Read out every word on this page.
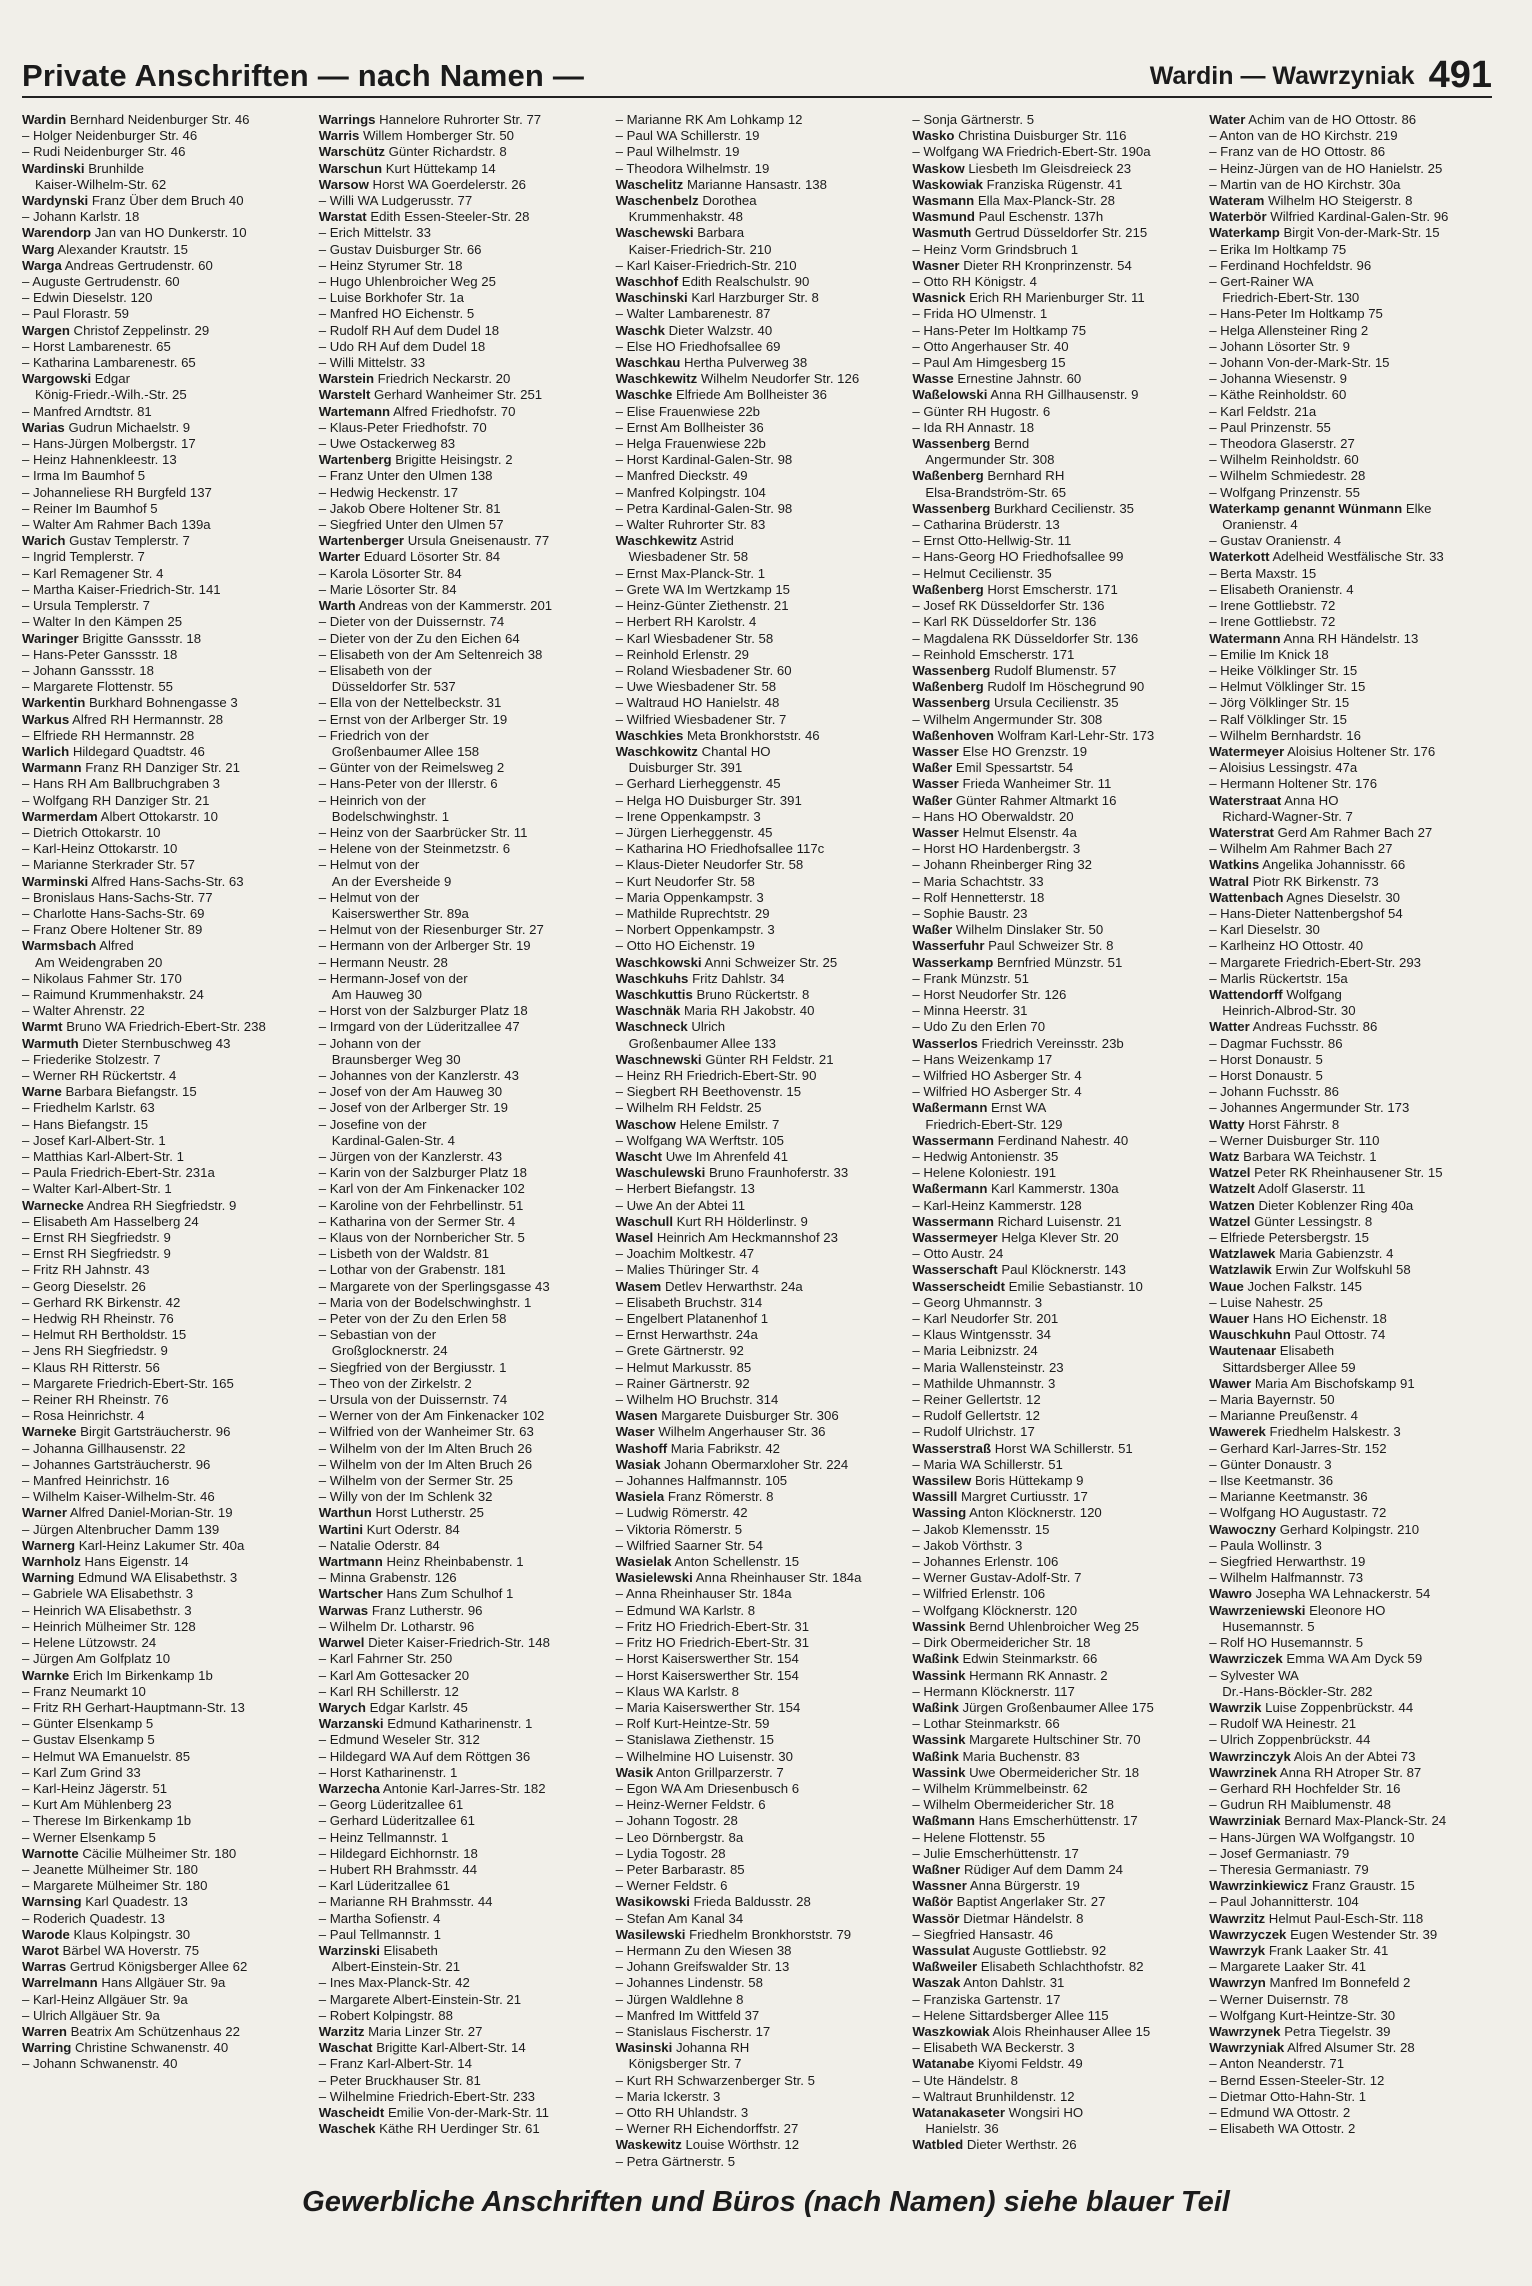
Private Anschriften — nach Namen —	Wardin — Wawrzyniak 491
Wardin Bernhard Neidenburger Str. 46
– Holger Neidenburger Str. 46
– Rudi Neidenburger Str. 46
Wardinski Brunhilde
Kaiser-Wilhelm-Str. 62
Wardynski Franz Über dem Bruch 40
– Johann Karlstr. 18
Warendorp Jan van HO Dunkerstr. 10
Warg Alexander Krautstr. 15
Warga Andreas Gertrudenstr. 60
– Auguste Gertrudenstr. 60
– Edwin Dieselstr. 120
– Paul Florastr. 59
Wargen Christof Zeppelinstr. 29
– Horst Lambarenestr. 65
– Katharina Lambarenestr. 65
Wargowski Edgar
König-Friedr.-Wilh.-Str. 25
– Manfred Arndtstr. 81
Warias Gudrun Michaelstr. 9
– Hans-Jürgen Molbergstr. 17
– Heinz Hahnenkleestr. 13
– Irma Im Baumhof 5
– Johanneliese RH Burgfeld 137
– Reiner Im Baumhof 5
– Walter Am Rahmer Bach 139a
Warich Gustav Templerstr. 7
– Ingrid Templerstr. 7
– Karl Remagener Str. 4
– Martha Kaiser-Friedrich-Str. 141
– Ursula Templerstr. 7
– Walter In den Kämpen 25
Waringer Brigitte Ganssstr. 18
– Hans-Peter Ganssstr. 18
– Johann Ganssstr. 18
– Margarete Flottenstr. 55
Warkentin Burkhard Bohnengasse 3
Warkus Alfred RH Hermannstr. 28
– Elfriede RH Hermannstr. 28
Warlich Hildegard Quadtstr. 46
Warmann Franz RH Danziger Str. 21
– Hans RH Am Ballbruchgraben 3
– Wolfgang RH Danziger Str. 21
Warmerdam Albert Ottokarstr. 10
– Dietrich Ottokarstr. 10
– Karl-Heinz Ottokarstr. 10
– Marianne Sterkrader Str. 57
Warminski Alfred Hans-Sachs-Str. 63
– Bronislaus Hans-Sachs-Str. 77
– Charlotte Hans-Sachs-Str. 69
– Franz Obere Holtener Str. 89
Warmsbach Alfred
Am Weidengraben 20
– Nikolaus Fahmer Str. 170
– Raimund Krummenhakstr. 24
– Walter Ahrenstr. 22
Warmt Bruno WA Friedrich-Ebert-Str. 238
Warmuth Dieter Sternbuschweg 43
– Friederike Stolzestr. 7
– Werner RH Rückertstr. 4
Warne Barbara Biefangstr. 15
– Friedhelm Karlstr. 63
– Hans Biefangstr. 15
– Josef Karl-Albert-Str. 1
– Matthias Karl-Albert-Str. 1
– Paula Friedrich-Ebert-Str. 231a
– Walter Karl-Albert-Str. 1
Warnecke Andrea RH Siegfriedstr. 9
– Elisabeth Am Hasselberg 24
– Ernst RH Siegfriedstr. 9
– Ernst RH Siegfriedstr. 9
– Fritz RH Jahnstr. 43
– Georg Dieselstr. 26
– Gerhard RK Birkenstr. 42
– Hedwig RH Rheinstr. 76
– Helmut RH Bertholdstr. 15
– Jens RH Siegfriedstr. 9
– Klaus RH Ritterstr. 56
– Margarete Friedrich-Ebert-Str. 165
– Reiner RH Rheinstr. 76
– Rosa Heinrichstr. 4
Warneke Birgit Gartsträucherstr. 96
– Johanna Gillhausenstr. 22
– Johannes Gartsträucherstr. 96
– Manfred Heinrichstr. 16
– Wilhelm Kaiser-Wilhelm-Str. 46
Warner Alfred Daniel-Morian-Str. 19
– Jürgen Altenbrucher Damm 139
Warnerg Karl-Heinz Lakumer Str. 40a
Warnholz Hans Eigenstr. 14
Warning Edmund WA Elisabethstr. 3
– Gabriele WA Elisabethstr. 3
– Heinrich WA Elisabethstr. 3
– Heinrich Mülheimer Str. 128
– Helene Lützowstr. 24
– Jürgen Am Golfplatz 10
Warnke Erich Im Birkenkamp 1b
– Franz Neumarkt 10
– Fritz RH Gerhart-Hauptmann-Str. 13
– Günter Elsenkamp 5
– Gustav Elsenkamp 5
– Helmut WA Emanuelstr. 85
– Karl Zum Grind 33
– Karl-Heinz Jägerstr. 51
– Kurt Am Mühlenberg 23
– Therese Im Birkenkamp 1b
– Werner Elsenkamp 5
Warnotte Cäcilie Mülheimer Str. 180
– Jeanette Mülheimer Str. 180
– Margarete Mülheimer Str. 180
Warnsing Karl Quadestr. 13
– Roderich Quadestr. 13
Warode Klaus Kolpingstr. 30
Warot Bärbel WA Hoverstr. 75
Warras Gertrud Königsberger Allee 62
Warrelmann Hans Allgäuer Str. 9a
– Karl-Heinz Allgäuer Str. 9a
– Ulrich Allgäuer Str. 9a
Warren Beatrix Am Schützenhaus 22
Warring Christine Schwanenstr. 40
– Johann Schwanenstr. 40
Warrings Hannelore Ruhrorter Str. 77
Warris Willem Homberger Str. 50
Warschütz Günter Richardstr. 8
Warschun Kurt Hüttekamp 14
Warsow Horst WA Goerdelerstr. 26
– Willi WA Ludgerusstr. 77
Warstat Edith Essen-Steeler-Str. 28
– Erich Mittelstr. 33
– Gustav Duisburger Str. 66
– Heinz Styrumer Str. 18
– Hugo Uhlenbroicher Weg 25
– Luise Borkhofer Str. 1a
– Manfred HO Eichenstr. 5
– Rudolf RH Auf dem Dudel 18
– Udo RH Auf dem Dudel 18
– Willi Mittelstr. 33
Warstein Friedrich Neckarstr. 20
Warstelt Gerhard Wanheimer Str. 251
Wartemann Alfred Friedhofstr. 70
– Klaus-Peter Friedhofstr. 70
– Uwe Ostackerweg 83
Wartenberg Brigitte Heisingstr. 2
– Franz Unter den Ulmen 138
– Hedwig Heckenstr. 17
– Jakob Obere Holtener Str. 81
– Siegfried Unter den Ulmen 57
Wartenberger Ursula Gneisenaustr. 77
Warter Eduard Lösorter Str. 84
– Karola Lösorter Str. 84
– Marie Lösorter Str. 84
Warth Andreas von der Kammerstr. 201
– Dieter von der Duissernstr. 74
– Dieter von der Zu den Eichen 64
– Elisabeth von der Am Seltenreich 38
– Elisabeth von der
Düsseldorfer Str. 537
– Ella von der Nettelbeckstr. 31
– Ernst von der Arlberger Str. 19
– Friedrich von der
Großenbaumer Allee 158
– Günter von der Reimelsweg 2
– Hans-Peter von der Illerstr. 6
– Heinrich von der
Bodelschwinghstr. 1
– Heinz von der Saarbrücker Str. 11
– Helene von der Steinmetzstr. 6
– Helmut von der
An der Eversheide 9
– Helmut von der
Kaiserswerther Str. 89a
– Helmut von der Riesenburger Str. 27
– Hermann von der Arlberger Str. 19
– Hermann Neustr. 28
– Hermann-Josef von der
Am Hauweg 30
– Horst von der Salzburger Platz 18
– Irmgard von der Lüderitzallee 47
– Johann von der
Braunsberger Weg 30
– Johannes von der Kanzlerstr. 43
– Josef von der Am Hauweg 30
– Josef von der Arlberger Str. 19
– Josefine von der
Kardinal-Galen-Str. 4
– Jürgen von der Kanzlerstr. 43
– Karin von der Salzburger Platz 18
– Karl von der Am Finkenacker 102
– Karoline von der Fehrbellinstr. 51
– Katharina von der Sermer Str. 4
– Klaus von der Nornbericher Str. 5
– Lisbeth von der Waldstr. 81
– Lothar von der Grabenstr. 181
– Margarete von der Sperlingsgasse 43
– Maria von der Bodelschwinghstr. 1
– Peter von der Zu den Erlen 58
– Sebastian von der
Großglocknerstr. 24
– Siegfried von der Bergiusstr. 1
– Theo von der Zirkelstr. 2
– Ursula von der Duissernstr. 74
– Werner von der Am Finkenacker 102
– Wilfried von der Wanheimer Str. 63
– Wilhelm von der Im Alten Bruch 26
– Wilhelm von der Im Alten Bruch 26
– Wilhelm von der Sermer Str. 25
– Willy von der Im Schlenk 32
Warthun Horst Lutherstr. 25
Wartini Kurt Oderstr. 84
– Natalie Oderstr. 84
Wartmann Heinz Rheinbabenstr. 1
– Minna Grabenstr. 126
Wartscher Hans Zum Schulhof 1
Warwas Franz Lutherstr. 96
– Wilhelm Dr. Lotharstr. 96
Warwel Dieter Kaiser-Friedrich-Str. 148
– Karl Fahrner Str. 250
– Karl Am Gottesacker 20
– Karl RH Schillerstr. 12
Warych Edgar Karlstr. 45
Warzanski Edmund Katharinenstr. 1
– Edmund Weseler Str. 312
– Hildegard WA Auf dem Röttgen 36
– Horst Katharinenstr. 1
Warzecha Antonie Karl-Jarres-Str. 182
– Georg Lüderitzallee 61
– Gerhard Lüderitzallee 61
– Heinz Tellmannstr. 1
– Hildegard Eichhornstr. 18
– Hubert RH Brahmsstr. 44
– Karl Lüderitzallee 61
– Marianne RH Brahmsstr. 44
– Martha Sofienstr. 4
– Paul Tellmannstr. 1
Warzinski Elisabeth
Albert-Einstein-Str. 21
– Ines Max-Planck-Str. 42
– Margarete Albert-Einstein-Str. 21
– Robert Kolpingstr. 88
Warzitz Maria Linzer Str. 27
Waschat Brigitte Karl-Albert-Str. 14
– Franz Karl-Albert-Str. 14
– Peter Bruckhauser Str. 81
– Wilhelmine Friedrich-Ebert-Str. 233
Wascheidt Emilie Von-der-Mark-Str. 11
Waschek Käthe RH Uerdinger Str. 61
– Marianne RK Am Lohkamp 12
– Paul WA Schillerstr. 19
– Paul Wilhelmstr. 19
– Theodora Wilhelmstr. 19
Waschelitz Marianne Hansastr. 138
Waschenbelz Dorothea
Krummenhakstr. 48
Waschewski Barbara
Kaiser-Friedrich-Str. 210
– Karl Kaiser-Friedrich-Str. 210
Waschhof Edith Realschulstr. 90
Waschinski Karl Harzburger Str. 8
– Walter Lambarenestr. 87
Waschk Dieter Walzstr. 40
– Else HO Friedhofsallee 69
Waschkau Hertha Pulverweg 38
Waschkewitz Wilhelm Neudorfer Str. 126
Waschke Elfriede Am Bollheister 36
– Elise Frauenwiese 22b
– Ernst Am Bollheister 36
– Helga Frauenwiese 22b
– Horst Kardinal-Galen-Str. 98
– Manfred Dieckstr. 49
– Manfred Kolpingstr. 104
– Petra Kardinal-Galen-Str. 98
– Walter Ruhrorter Str. 83
Waschkewitz Astrid
Wiesbadener Str. 58
– Ernst Max-Planck-Str. 1
– Grete WA Im Wertzkamp 15
– Heinz-Günter Ziethenstr. 21
– Herbert RH Karolstr. 4
– Karl Wiesbadener Str. 58
– Reinhold Erlenstr. 29
– Roland Wiesbadener Str. 60
– Uwe Wiesbadener Str. 58
– Waltraud HO Hanielstr. 48
– Wilfried Wiesbadener Str. 7
Waschkies Meta Bronkhorststr. 46
Waschkowitz Chantal HO
Duisburger Str. 391
– Gerhard Lierheggenstr. 45
– Helga HO Duisburger Str. 391
– Irene Oppenkampstr. 3
– Jürgen Lierheggenstr. 45
– Katharina HO Friedhofsallee 117c
– Klaus-Dieter Neudorfer Str. 58
– Kurt Neudorfer Str. 58
– Maria Oppenkampstr. 3
– Mathilde Ruprechtstr. 29
– Norbert Oppenkampstr. 3
– Otto HO Eichenstr. 19
Waschkowski Anni Schweizer Str. 25
Waschkuhs Fritz Dahlstr. 34
Waschkuttis Bruno Rückertstr. 8
Waschnäk Maria RH Jakobstr. 40
Waschneck Ulrich
Großenbaumer Allee 133
Waschnewski Günter RH Feldstr. 21
– Heinz RH Friedrich-Ebert-Str. 90
– Siegbert RH Beethovenstr. 15
– Wilhelm RH Feldstr. 25
Waschow Helene Emilstr. 7
– Wolfgang WA Werftstr. 105
Wascht Uwe Im Ahrenfeld 41
Waschulewski Bruno Fraunhoferstr. 33
– Herbert Biefangstr. 13
– Uwe An der Abtei 11
Waschull Kurt RH Hölderlinstr. 9
Wasel Heinrich Am Heckmannshof 23
– Joachim Moltkestr. 47
– Malies Thüringer Str. 4
Wasem Detlev Herwarthstr. 24a
– Elisabeth Bruchstr. 314
– Engelbert Platanenhof 1
– Ernst Herwarthstr. 24a
– Grete Gärtnerstr. 92
– Helmut Markusstr. 85
– Rainer Gärtnerstr. 92
– Wilhelm HO Bruchstr. 314
Wasen Margarete Duisburger Str. 306
Waser Wilhelm Angerhauser Str. 36
Washoff Maria Fabrikstr. 42
Wasiak Johann Obermarxloher Str. 224
– Johannes Halfmannstr. 105
Wasiela Franz Römerstr. 8
– Ludwig Römerstr. 42
– Viktoria Römerstr. 5
– Wilfried Saarner Str. 54
Wasielak Anton Schellenstr. 15
Wasielewski Anna Rheinhauser Str. 184a
– Anna Rheinhauser Str. 184a
– Edmund WA Karlstr. 8
– Fritz HO Friedrich-Ebert-Str. 31
– Fritz HO Friedrich-Ebert-Str. 31
– Horst Kaiserswerther Str. 154
– Horst Kaiserswerther Str. 154
– Klaus WA Karlstr. 8
– Maria Kaiserswerther Str. 154
– Rolf Kurt-Heintze-Str. 59
– Stanislawa Ziethenstr. 15
– Wilhelmine HO Luisenstr. 30
Wasik Anton Grillparzerstr. 7
– Egon WA Am Driesenbusch 6
– Heinz-Werner Feldstr. 6
– Johann Togostr. 28
– Leo Dörnbergstr. 8a
– Lydia Togostr. 28
– Peter Barbarastr. 85
– Werner Feldstr. 6
Wasikowski Frieda Baldusstr. 28
– Stefan Am Kanal 34
Wasilewski Friedhelm Bronkhorststr. 79
– Hermann Zu den Wiesen 38
– Johann Greifswalder Str. 13
– Johannes Lindenstr. 58
– Jürgen Waldlehne 8
– Manfred Im Wittfeld 37
– Stanislaus Fischerstr. 17
Wasinski Johanna RH
Königsberger Str. 7
– Kurt RH Schwarzenberger Str. 5
– Maria Ickerstr. 3
– Otto RH Uhlandstr. 3
– Werner RH Eichendorffstr. 27
Waskewitz Louise Wörthstr. 12
– Petra Gärtnerstr. 5
– Sonja Gärtnerstr. 5
Wasko Christina Duisburger Str. 116
– Wolfgang WA Friedrich-Ebert-Str. 190a
Waskow Liesbeth Im Gleisdreieck 23
Waskowiak Franziska Rügenstr. 41
Wasmann Ella Max-Planck-Str. 28
Wasmund Paul Eschenstr. 137h
Wasmuth Gertrud Düsseldorfer Str. 215
– Heinz Vorm Grindsbruch 1
Wasner Dieter RH Kronprinzenstr. 54
– Otto RH Königstr. 4
Wasnick Erich RH Marienburger Str. 11
– Frida HO Ulmenstr. 1
– Hans-Peter Im Holtkamp 75
– Otto Angerhauser Str. 40
– Paul Am Himgesberg 15
Wasse Ernestine Jahnstr. 60
Waßelowski Anna RH Gillhausenstr. 9
– Günter RH Hugostr. 6
– Ida RH Annastr. 18
Wassenberg Bernd
Angermunder Str. 308
Waßenberg Bernhard RH
Elsa-Brandström-Str. 65
Wassenberg Burkhard Cecilienstr. 35
– Catharina Brüderstr. 13
– Ernst Otto-Hellwig-Str. 11
– Hans-Georg HO Friedhofsallee 99
– Helmut Cecilienstr. 35
Waßenberg Horst Emscherstr. 171
– Josef RK Düsseldorfer Str. 136
– Karl RK Düsseldorfer Str. 136
– Magdalena RK Düsseldorfer Str. 136
– Reinhold Emscherstr. 171
Wassenberg Rudolf Blumenstr. 57
Waßenberg Rudolf Im Höschegrund 90
Wassenberg Ursula Cecilienstr. 35
– Wilhelm Angermunder Str. 308
Waßenhoven Wolfram Karl-Lehr-Str. 173
Wasser Else HO Grenzstr. 19
Waßer Emil Spessartstr. 54
Wasser Frieda Wanheimer Str. 11
Waßer Günter Rahmer Altmarkt 16
– Hans HO Oberwaldstr. 20
Wasser Helmut Elsenstr. 4a
– Horst HO Hardenbergstr. 3
– Johann Rheinberger Ring 32
– Maria Schachtstr. 33
– Rolf Hennetterstr. 18
– Sophie Baustr. 23
Waßer Wilhelm Dinslaker Str. 50
Wasserfuhr Paul Schweizer Str. 8
Wasserkamp Bernfried Münzstr. 51
– Frank Münzstr. 51
– Horst Neudorfer Str. 126
– Minna Heerstr. 31
– Udo Zu den Erlen 70
Wasserlos Friedrich Vereinsstr. 23b
– Hans Weizenkamp 17
– Wilfried HO Asberger Str. 4
– Wilfried HO Asberger Str. 4
Waßermann Ernst WA
Friedrich-Ebert-Str. 129
Wassermann Ferdinand Nahestr. 40
– Hedwig Antonienstr. 35
– Helene Koloniestr. 191
Waßermann Karl Kammerstr. 130a
– Karl-Heinz Kammerstr. 128
Wassermann Richard Luisenstr. 21
Wassermeyer Helga Klever Str. 20
– Otto Austr. 24
Wasserschaft Paul Klöcknerstr. 143
Wasserscheidt Emilie Sebastianstr. 10
– Georg Uhmannstr. 3
– Karl Neudorfer Str. 201
– Klaus Wintgensstr. 34
– Maria Leibnizstr. 24
– Maria Wallensteinstr. 23
– Mathilde Uhmannstr. 3
– Reiner Gellertstr. 12
– Rudolf Gellertstr. 12
– Rudolf Ulrichstr. 17
Wasserstraß Horst WA Schillerstr. 51
– Maria WA Schillerstr. 51
Wassilew Boris Hüttekamp 9
Wassill Margret Curtiusstr. 17
Wassing Anton Klöcknerstr. 120
– Jakob Klemensstr. 15
– Jakob Vörthstr. 3
– Johannes Erlenstr. 106
– Werner Gustav-Adolf-Str. 7
– Wilfried Erlenstr. 106
– Wolfgang Klöcknerstr. 120
Wassink Bernd Uhlenbroicher Weg 25
– Dirk Obermeidericher Str. 18
Waßink Edwin Steinmarkstr. 66
Wassink Hermann RK Annastr. 2
– Hermann Klöcknerstr. 117
Waßink Jürgen Großenbaumer Allee 175
– Lothar Steinmarkstr. 66
Wassink Margarete Hultschiner Str. 70
Waßink Maria Buchenstr. 83
Wassink Uwe Obermeidericher Str. 18
– Wilhelm Krümmelbeinstr. 62
– Wilhelm Obermeidericher Str. 18
Waßmann Hans Emscherhüttenstr. 17
– Helene Flottenstr. 55
– Julie Emscherhüttenstr. 17
Waßner Rüdiger Auf dem Damm 24
Wassner Anna Bürgerstr. 19
Waßör Baptist Angerlaker Str. 27
Wassör Dietmar Händelstr. 8
– Siegfried Hansastr. 46
Wassulat Auguste Gottliebstr. 92
Waßweiler Elisabeth Schlachthofstr. 82
Waszak Anton Dahlstr. 31
– Franziska Gartenstr. 17
– Helene Sittardsberger Allee 115
Waszkowiak Alois Rheinhauser Allee 15
– Elisabeth WA Beckerstr. 3
Watanabe Kiyomi Feldstr. 49
– Ute Händelstr. 8
– Waltraut Brunhildenstr. 12
Watanakaseter Wongsiri HO
Hanielstr. 36
Watbled Dieter Werthstr. 26
Water Achim van de HO Ottostr. 86
– Anton van de HO Kirchstr. 219
– Franz van de HO Ottostr. 86
– Heinz-Jürgen van de HO Hanielstr. 25
– Martin van de HO Kirchstr. 30a
Wateram Wilhelm HO Steigerstr. 8
Waterbör Wilfried Kardinal-Galen-Str. 96
Waterkamp Birgit Von-der-Mark-Str. 15
– Erika Im Holtkamp 75
– Ferdinand Hochfeldstr. 96
– Gert-Rainer WA
Friedrich-Ebert-Str. 130
– Hans-Peter Im Holtkamp 75
– Helga Allensteiner Ring 2
– Johann Lösorter Str. 9
– Johann Von-der-Mark-Str. 15
– Johanna Wiesenstr. 9
– Käthe Reinholdstr. 60
– Karl Feldstr. 21a
– Paul Prinzenstr. 55
– Theodora Glaserstr. 27
– Wilhelm Reinholdstr. 60
– Wilhelm Schmiedestr. 28
– Wolfgang Prinzenstr. 55
Waterkamp genannt Wünmann Elke
Oranienstr. 4
– Gustav Oranienstr. 4
Waterkott Adelheid Westfälische Str. 33
– Berta Maxstr. 15
– Elisabeth Oranienstr. 4
– Irene Gottliebstr. 72
– Irene Gottliebstr. 72
Watermann Anna RH Händelstr. 13
– Emilie Im Knick 18
– Heike Völklinger Str. 15
– Helmut Völklinger Str. 15
– Jörg Völklinger Str. 15
– Ralf Völklinger Str. 15
– Wilhelm Bernhardstr. 16
Watermeyer Aloisius Holtener Str. 176
– Aloisius Lessingstr. 47a
– Hermann Holtener Str. 176
Waterstraat Anna HO
Richard-Wagner-Str. 7
Waterstrat Gerd Am Rahmer Bach 27
– Wilhelm Am Rahmer Bach 27
Watkins Angelika Johannisstr. 66
Watral Piotr RK Birkenstr. 73
Wattenbach Agnes Dieselstr. 30
– Hans-Dieter Nattenbergshof 54
– Karl Dieselstr. 30
– Karlheinz HO Ottostr. 40
– Margarete Friedrich-Ebert-Str. 293
– Marlis Rückertstr. 15a
Wattendorff Wolfgang
Heinrich-Albrod-Str. 30
Watter Andreas Fuchsstr. 86
– Dagmar Fuchsstr. 86
– Horst Donaustr. 5
– Horst Donaustr. 5
– Johann Fuchsstr. 86
– Johannes Angermunder Str. 173
Watty Horst Fährstr. 8
– Werner Duisburger Str. 110
Watz Barbara WA Teichstr. 1
Watzel Peter RK Rheinhausener Str. 15
Watzelt Adolf Glaserstr. 11
Watzen Dieter Koblenzer Ring 40a
Watzel Günter Lessingstr. 8
– Elfriede Petersbergstr. 15
Watzlawek Maria Gabienzstr. 4
Watzlawik Erwin Zur Wolfskuhl 58
Waue Jochen Falkstr. 145
– Luise Nahestr. 25
Wauer Hans HO Eichenstr. 18
Wauschkuhn Paul Ottostr. 74
Wautenaar Elisabeth
Sittardsberger Allee 59
Wawer Maria Am Bischofskamp 91
– Maria Bayernstr. 50
– Marianne Preußenstr. 4
Wawerek Friedhelm Halskestr. 3
– Gerhard Karl-Jarres-Str. 152
– Günter Donaustr. 3
– Ilse Keetmanstr. 36
– Marianne Keetmanstr. 36
– Wolfgang HO Augustastr. 72
Wawoczny Gerhard Kolpingstr. 210
– Paula Wollinstr. 3
– Siegfried Herwarthstr. 19
– Wilhelm Halfmannstr. 73
Wawro Josepha WA Lehnackerstr. 54
Wawrzeniewski Eleonore HO
Husemannstr. 5
– Rolf HO Husemannstr. 5
Wawrziczek Emma WA Am Dyck 59
– Sylvester WA
Dr.-Hans-Böckler-Str. 282
Wawrzik Luise Zoppenbrückstr. 44
– Rudolf WA Heinestr. 21
– Ulrich Zoppenbrückstr. 44
Wawrzinczyk Alois An der Abtei 73
Wawrzinek Anna RH Atroper Str. 87
– Gerhard RH Hochfelder Str. 16
– Gudrun RH Maiblumenstr. 48
Wawrziniak Bernard Max-Planck-Str. 24
– Hans-Jürgen WA Wolfgangstr. 10
– Josef Germaniastr. 79
– Theresia Germaniastr. 79
Wawrzinkiewicz Franz Graustr. 15
– Paul Johannitterstr. 104
Wawrzitz Helmut Paul-Esch-Str. 118
Wawrzyczek Eugen Westender Str. 39
Wawrzyk Frank Laaker Str. 41
– Margarete Laaker Str. 41
Wawrzyn Manfred Im Bonnefeld 2
– Werner Duisernstr. 78
– Wolfgang Kurt-Heintze-Str. 30
Wawrzynek Petra Tiegelstr. 39
Wawrzyniak Alfred Alsumer Str. 28
– Anton Neanderstr. 71
– Bernd Essen-Steeler-Str. 12
– Dietmar Otto-Hahn-Str. 1
– Edmund WA Ottostr. 2
– Elisabeth WA Ottostr. 2
Gewerbliche Anschriften und Büros (nach Namen) siehe blauer Teil
